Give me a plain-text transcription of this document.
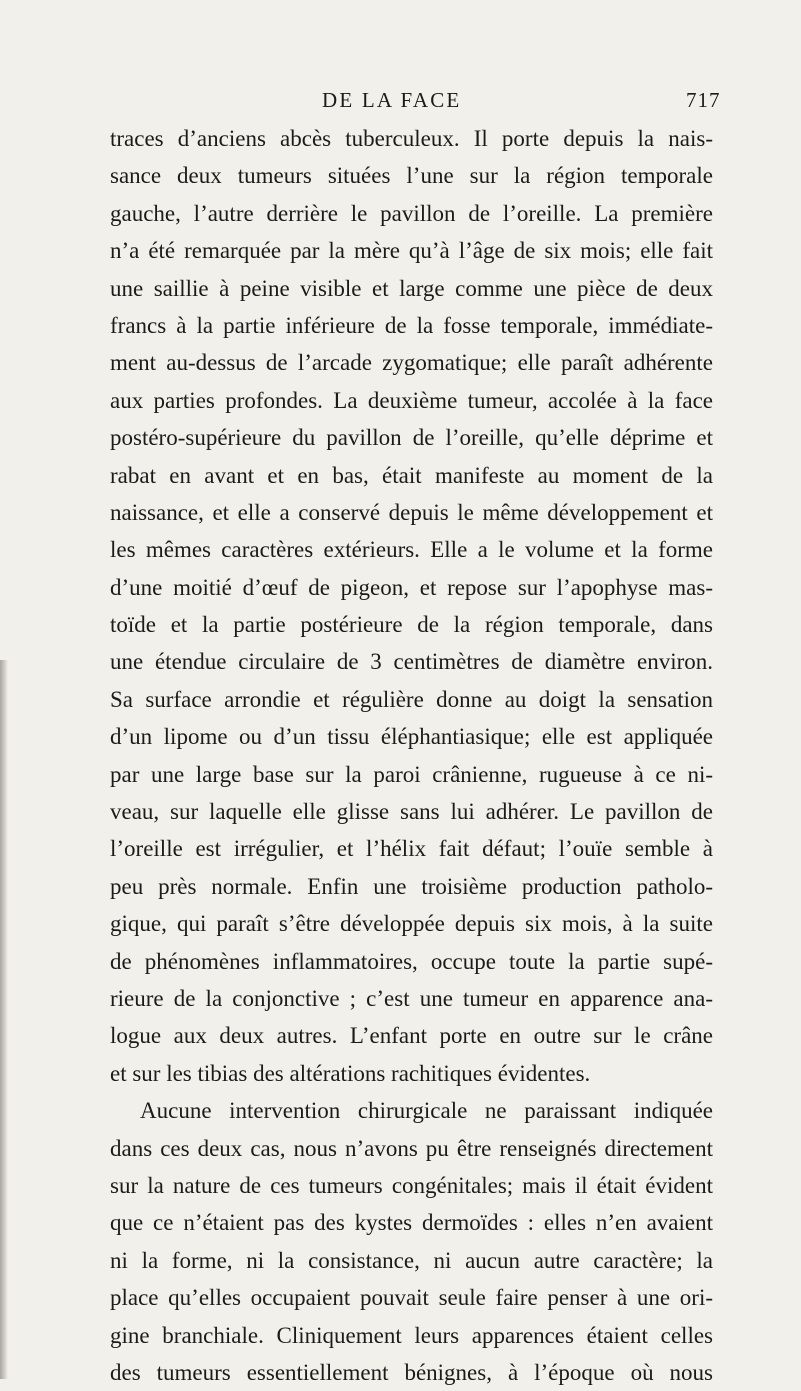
DE LA FACE	717
traces d’anciens abcès tuberculeux. Il porte depuis la nais-
sance deux tumeurs situées l’une sur la région temporale
gauche, l’autre derrière le pavillon de l’oreille. La première
n’a été remarquée par la mère qu’à l’âge de six mois; elle fait
une saillie à peine visible et large comme une pièce de deux
francs à la partie inférieure de la fosse temporale, immédiate-
ment au-dessus de l’arcade zygomatique; elle paraît adhérente
aux parties profondes. La deuxième tumeur, accolée à la face
postéro-supérieure du pavillon de l’oreille, qu’elle déprime et
rabat en avant et en bas, était manifeste au moment de la
naissance, et elle a conservé depuis le même développement et
les mêmes caractères extérieurs. Elle a le volume et la forme
d’une moitié d’œuf de pigeon, et repose sur l’apophyse mas-
toïde et la partie postérieure de la région temporale, dans
une étendue circulaire de 3 centimètres de diamètre environ.
Sa surface arrondie et régulière donne au doigt la sensation
d’un lipome ou d’un tissu éléphantiasique; elle est appliquée
par une large base sur la paroi crânienne, rugueuse à ce ni-
veau, sur laquelle elle glisse sans lui adhérer. Le pavillon de
l’oreille est irrégulier, et l’hélix fait défaut; l’ouïe semble à
peu près normale. Enfin une troisième production patholo-
gique, qui paraît s’être développée depuis six mois, à la suite
de phénomènes inflammatoires, occupe toute la partie supé-
rieure de la conjonctive ; c’est une tumeur en apparence ana-
logue aux deux autres. L’enfant porte en outre sur le crâne
et sur les tibias des altérations rachitiques évidentes.
Aucune intervention chirurgicale ne paraissant indiquée
dans ces deux cas, nous n’avons pu être renseignés directement
sur la nature de ces tumeurs congénitales; mais il était évident
que ce n’étaient pas des kystes dermoïdes : elles n’en avaient
ni la forme, ni la consistance, ni aucun autre caractère; la
place qu’elles occupaient pouvait seule faire penser à une ori-
gine branchiale. Cliniquement leurs apparences étaient celles
des tumeurs essentiellement bénignes, à l’époque où nous
